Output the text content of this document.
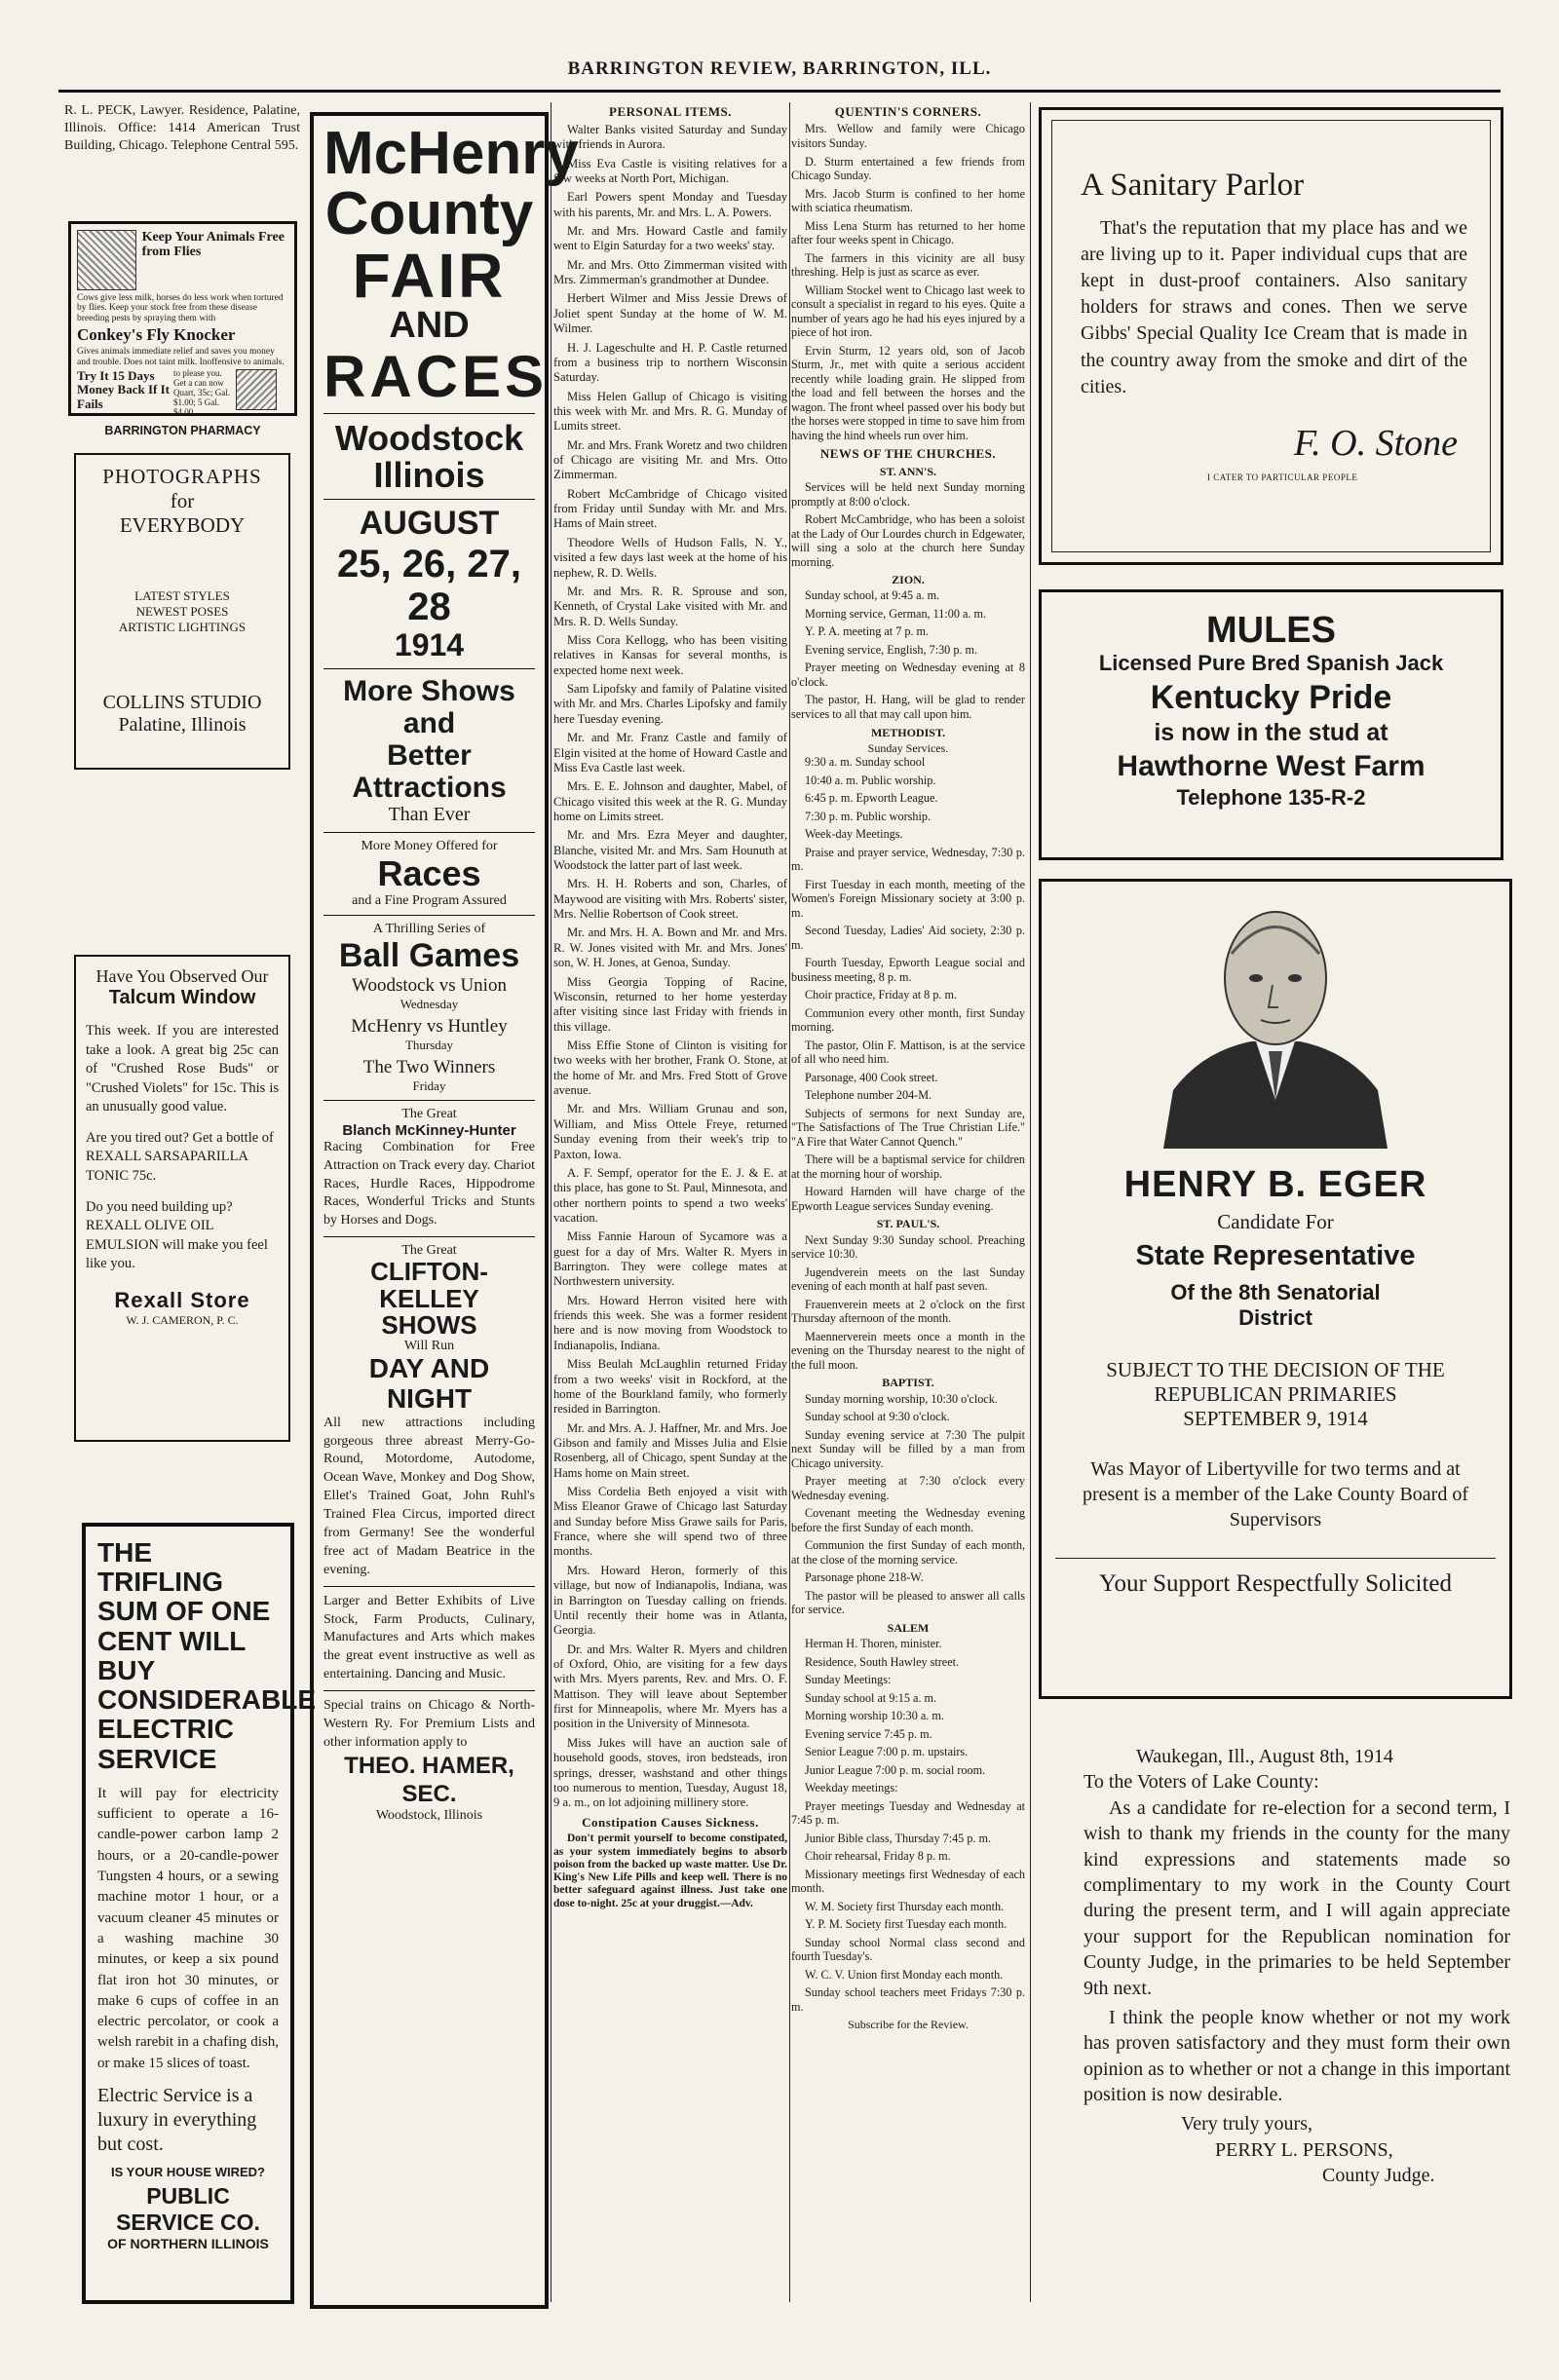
BARRINGTON REVIEW, BARRINGTON, ILL.
R. L. PECK, Lawyer. Residence, Palatine, Illinois. Office: 1414 American Trust Building, Chicago. Telephone Central 595.
Keep Your Animals Free from Flies
Cows give less milk, horses do less work when tortured by flies. Keep your stock free from these disease breeding pests by spraying them with
Conkey's Fly Knocker
Gives animals immediate relief and saves you money and trouble. Does not taint milk. Inoffensive to animals.
Try It 15 Days Money Back If It Fails
to please you. Get a can now Quart, 35c; Gal. $1.00; 5 Gal. $4.00
BARRINGTON PHARMACY
PHOTOGRAPHS
for
EVERYBODY
LATEST STYLES
NEWEST POSES
ARTISTIC LIGHTINGS
COLLINS STUDIO
Palatine, Illinois
Have You Observed Our
Talcum Window
This week. If you are interested take a look. A great big 25c can of "Crushed Rose Buds" or "Crushed Violets" for 15c. This is an unusually good value.
Are you tired out? Get a bottle of REXALL SARSAPARILLA TONIC 75c.
Do you need building up? REXALL OLIVE OIL EMULSION will make you feel like you.
Rexall Store
W. J. CAMERON, P. C.
THE TRIFLING SUM OF ONE CENT WILL BUY CONSIDERABLE ELECTRIC SERVICE
It will pay for electricity sufficient to operate a 16-candle-power carbon lamp 2 hours, or a 20-candle-power Tungsten 4 hours, or a sewing machine motor 1 hour, or a vacuum cleaner 45 minutes or a washing machine 30 minutes, or keep a six pound flat iron hot 30 minutes, or make 6 cups of coffee in an electric percolator, or cook a welsh rarebit in a chafing dish, or make 15 slices of toast.
Electric Service is a luxury in everything but cost.
IS YOUR HOUSE WIRED?
PUBLIC SERVICE CO.
OF NORTHERN ILLINOIS
McHenry
County
FAIR
AND
RACES
Woodstock
Illinois
AUGUST
25, 26, 27, 28
1914
More Shows and
Better
Attractions
Than Ever
More Money Offered for
Races
and a Fine Program Assured
A Thrilling Series of
Ball Games
Woodstock vs Union
Wednesday
McHenry vs Huntley
Thursday
The Two Winners
Friday
The Great
Blanch McKinney-Hunter
Racing Combination for Free Attraction on Track every day. Chariot Races, Hurdle Races, Hippodrome Races, Wonderful Tricks and Stunts by Horses and Dogs.
The Great
CLIFTON-KELLEY
SHOWS
Will Run
DAY AND NIGHT
All new attractions including gorgeous three abreast Merry-Go-Round, Motordome, Autodome, Ocean Wave, Monkey and Dog Show, Ellet's Trained Goat, John Ruhl's Trained Flea Circus, imported direct from Germany! See the wonderful free act of Madam Beatrice in the evening.
Larger and Better Exhibits of Live Stock, Farm Products, Culinary, Manufactures and Arts which makes the great event instructive as well as entertaining. Dancing and Music.
Special trains on Chicago & North-Western Ry. For Premium Lists and other information apply to
THEO. HAMER, SEC.
Woodstock, Illinois
PERSONAL ITEMS.

Walter Banks visited Saturday and Sunday with friends in Aurora.

Miss Eva Castle is visiting relatives for a few weeks at North Port, Michigan.

Earl Powers spent Monday and Tuesday with his parents, Mr. and Mrs. L. A. Powers.

Mr. and Mrs. Howard Castle and family went to Elgin Saturday for a two weeks' stay.

Mr. and Mrs. Otto Zimmerman visited with Mrs. Zimmerman's grandmother at Dundee.

Herbert Wilmer and Miss Jessie Drews of Joliet spent Sunday at the home of W. M. Wilmer.

H. J. Lageschulte and H. P. Castle returned from a business trip to northern Wisconsin Saturday.

Miss Helen Gallup of Chicago is visiting this week with Mr. and Mrs. R. G. Munday of Lumits street.

Mr. and Mrs. Frank Woretz and two children of Chicago are visiting Mr. and Mrs. Otto Zimmerman.

Robert McCambridge of Chicago visited from Friday until Sunday with Mr. and Mrs. Hams of Main street.

Theodore Wells of Hudson Falls, N. Y., visited a few days last week at the home of his nephew, R. D. Wells.

Mr. and Mrs. R. R. Sprouse and son, Kenneth, of Crystal Lake visited with Mr. and Mrs. R. D. Wells Sunday.

Miss Cora Kellogg, who has been visiting relatives in Kansas for several months, is expected home next week.

Sam Lipofsky and family of Palatine visited with Mr. and Mrs. Charles Lipofsky and family here Tuesday evening.

Mr. and Mr. Franz Castle and family of Elgin visited at the home of Howard Castle and Miss Eva Castle last week.

Mrs. E. E. Johnson and daughter, Mabel, of Chicago visited this week at the R. G. Munday home on Limits street.

Mr. and Mrs. Ezra Meyer and daughter, Blanche, visited Mr. and Mrs. Sam Hounuth at Woodstock the latter part of last week.

Mrs. H. H. Roberts and son, Charles, of Maywood are visiting with Mrs. Roberts' sister, Mrs. Nellie Robertson of Cook street.

Mr. and Mrs. H. A. Bown and Mr. and Mrs. R. W. Jones visited with Mr. and Mrs. Jones' son, W. H. Jones, at Genoa, Sunday.

Miss Georgia Topping of Racine, Wisconsin, returned to her home yesterday after visiting since last Friday with friends in this village.

Miss Effie Stone of Clinton is visiting for two weeks with her brother, Frank O. Stone, at the home of Mr. and Mrs. Fred Stott of Grove avenue.

Mr. and Mrs. William Grunau and son, William, and Miss Ottele Freye, returned Sunday evening from their week's trip to Paxton, Iowa.

A. F. Sempf, operator for the E. J. & E. at this place, has gone to St. Paul, Minnesota, and other northern points to spend a two weeks' vacation.

Miss Fannie Haroun of Sycamore was a guest for a day of Mrs. Walter R. Myers in Barrington. They were college mates at Northwestern university.

Mrs. Howard Herron visited here with friends this week. She was a former resident here and is now moving from Woodstock to Indianapolis, Indiana.

Miss Beulah McLaughlin returned Friday from a two weeks' visit in Rockford, at the home of the Bourkland family, who formerly resided in Barrington.

Mr. and Mrs. A. J. Haffner, Mr. and Mrs. Joe Gibson and family and Misses Julia and Elsie Rosenberg, all of Chicago, spent Sunday at the Hams home on Main street.

Miss Cordelia Beth enjoyed a visit with Miss Eleanor Grawe of Chicago last Saturday and Sunday before Miss Grawe sails for Paris, France, where she will spend two of three months.

Mrs. Howard Heron, formerly of this village, but now of Indianapolis, Indiana, was in Barrington on Tuesday calling on friends. Until recently their home was in Atlanta, Georgia.

Dr. and Mrs. Walter R. Myers and children of Oxford, Ohio, are visiting for a few days with Mrs. Myers parents, Rev. and Mrs. O. F. Mattison. They will leave about September first for Minneapolis, where Mr. Myers has a position in the University of Minnesota.

Miss Jukes will have an auction sale of household goods, stoves, iron bedsteads, iron springs, dresser, washstand and other things too numerous to mention, Tuesday, August 18, 9 a. m., on lot adjoining millinery store.

Constipation Causes Sickness.

Don't permit yourself to become constipated, as your system immediately begins to absorb poison from the backed up waste matter. Use Dr. King's New Life Pills and keep well. There is no better safeguard against illness. Just take one dose to-night. 25c at your druggist.—Adv.

QUENTIN'S CORNERS.

Mrs. Wellow and family were Chicago visitors Sunday.

D. Sturm entertained a few friends from Chicago Sunday.

Mrs. Jacob Sturm is confined to her home with sciatica rheumatism.

Miss Lena Sturm has returned to her home after four weeks spent in Chicago.

The farmers in this vicinity are all busy threshing. Help is just as scarce as ever.

William Stockel went to Chicago last week to consult a specialist in regard to his eyes. Quite a number of years ago he had his eyes injured by a piece of hot iron.

Ervin Sturm, 12 years old, son of Jacob Sturm, Jr., met with quite a serious accident recently while loading grain. He slipped from the load and fell between the horses and the wagon. The front wheel passed over his body but the horses were stopped in time to save him from having the hind wheels run over him.

NEWS OF THE CHURCHES.
ST. ANN'S.

Services will be held next Sunday morning promptly at 8:00 o'clock.

Robert McCambridge, who has been a soloist at the Lady of Our Lourdes church in Edgewater, will sing a solo at the church here Sunday morning.

ZION.

Sunday school, at 9:45 a. m.

Morning service, German, 11:00 a. m.

Y. P. A. meeting at 7 p. m.

Evening service, English, 7:30 p. m.

Prayer meeting on Wednesday evening at 8 o'clock.

The pastor, H. Hang, will be glad to render services to all that may call upon him.

METHODIST.
Sunday Services.

9:30 a. m. Sunday school

10:40 a. m. Public worship.

6:45 p. m. Epworth League.

7:30 p. m. Public worship.

Week-day Meetings.

Praise and prayer service, Wednesday, 7:30 p. m.

First Tuesday in each month, meeting of the Women's Foreign Missionary society at 3:00 p. m.

Second Tuesday, Ladies' Aid society, 2:30 p. m.

Fourth Tuesday, Epworth League social and business meeting, 8 p. m.

Choir practice, Friday at 8 p. m.

Communion every other month, first Sunday morning.

The pastor, Olin F. Mattison, is at the service of all who need him.

Parsonage, 400 Cook street.

Telephone number 204-M.

Subjects of sermons for next Sunday are, "The Satisfactions of The True Christian Life." "A Fire that Water Cannot Quench."

There will be a baptismal service for children at the morning hour of worship.

Howard Harnden will have charge of the Epworth League services Sunday evening.

ST. PAUL'S.

Next Sunday 9:30 Sunday school. Preaching service 10:30.

Jugendverein meets on the last Sunday evening of each month at half past seven.

Frauenverein meets at 2 o'clock on the first Thursday afternoon of the month.

Maennerverein meets once a month in the evening on the Thursday nearest to the night of the full moon.

BAPTIST.

Sunday morning worship, 10:30 o'clock.

Sunday school at 9:30 o'clock.

Sunday evening service at 7:30 The pulpit next Sunday will be filled by a man from Chicago university.

Prayer meeting at 7:30 o'clock every Wednesday evening.

Covenant meeting the Wednesday evening before the first Sunday of each month.

Communion the first Sunday of each month, at the close of the morning service.

Parsonage phone 218-W.

The pastor will be pleased to answer all calls for service.

SALEM

Herman H. Thoren, minister.

Residence, South Hawley street.

Sunday Meetings:

Sunday school at 9:15 a. m.

Morning worship 10:30 a. m.

Evening service 7:45 p. m.

Senior League 7:00 p. m. upstairs.

Junior League 7:00 p. m. social room.

Weekday meetings:

Prayer meetings Tuesday and Wednesday at 7:45 p. m.

Junior Bible class, Thursday 7:45 p. m.

Choir rehearsal, Friday 8 p. m.

Missionary meetings first Wednesday of each month.

W. M. Society first Thursday each month.

Y. P. M. Society first Tuesday each month.

Sunday school Normal class second and fourth Tuesday's.

W. C. V. Union first Monday each month.

Sunday school teachers meet Fridays 7:30 p. m.

Subscribe for the Review.
A Sanitary Parlor
That's the reputation that my place has and we are living up to it. Paper individual cups that are kept in dust-proof containers. Also sanitary holders for straws and cones. Then we serve Gibbs' Special Quality Ice Cream that is made in the country away from the smoke and dirt of the cities.
F. O. Stone
I CATER TO PARTICULAR PEOPLE
MULES
Licensed Pure Bred Spanish Jack
Kentucky Pride
is now in the stud at
Hawthorne West Farm
Telephone 135-R-2
HENRY B. EGER
Candidate For
State Representative
Of the 8th Senatorial
District
SUBJECT TO THE DECISION OF THE
REPUBLICAN PRIMARIES
SEPTEMBER 9, 1914
Was Mayor of Libertyville for two terms and at present is a member of the Lake County Board of Supervisors
Your Support Respectfully Solicited
Waukegan, Ill., August 8th, 1914
To the Voters of Lake County:

As a candidate for re-election for a second term, I wish to thank my friends in the county for the many kind expressions and statements made so complimentary to my work in the County Court during the present term, and I will again appreciate your support for the Republican nomination for County Judge, in the primaries to be held September 9th next.

I think the people know whether or not my work has proven satisfactory and they must form their own opinion as to whether or not a change in this important position is now desirable.

Very truly yours,
PERRY L. PERSONS,
County Judge.
